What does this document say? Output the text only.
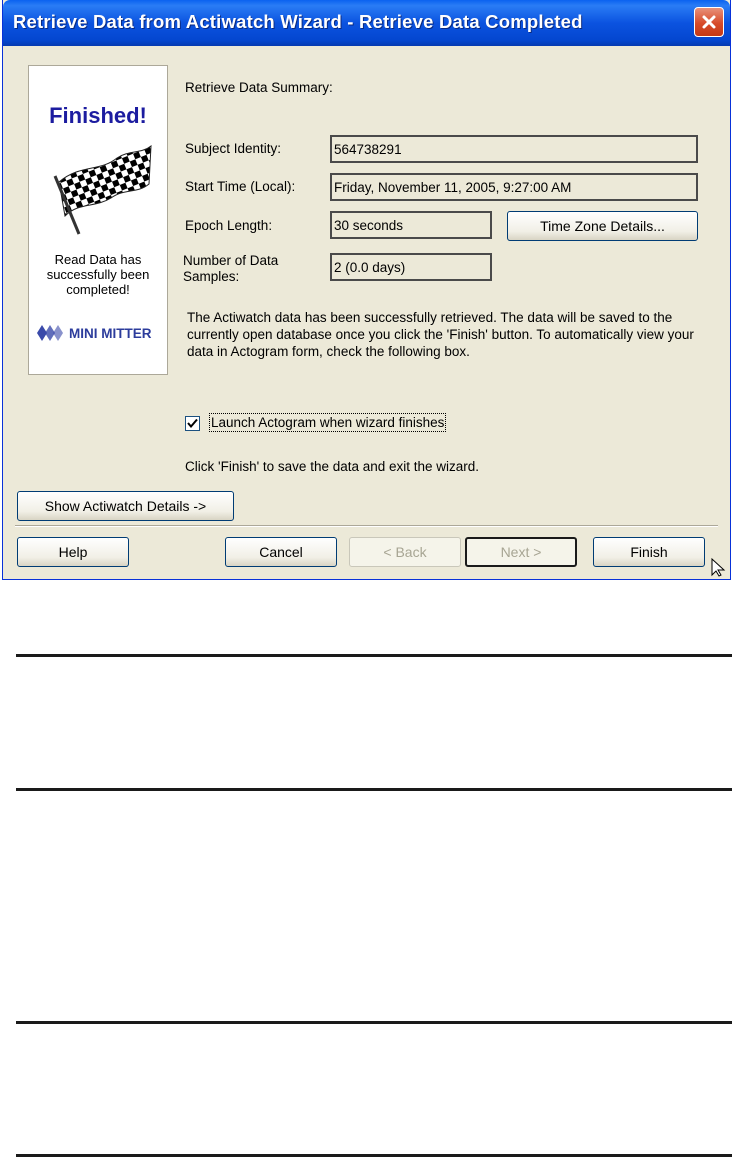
Retrieve Data from Actiwatch Wizard - Retrieve Data Completed
Finished!
Read Data has successfully been completed!
MINI MITTER
Retrieve Data Summary:
Subject Identity:	564738291
Start Time (Local):	Friday, November 11, 2005, 9:27:00 AM
Epoch Length:	30 seconds	Time Zone Details...
Number of Data
Samples:
2 (0.0 days)
The Actiwatch data has been successfully retrieved. The data will be saved to the currently open database once you click the 'Finish' button. To automatically view your data in Actogram form, check the following box.
Launch Actogram when wizard finishes
Click 'Finish' to save the data and exit the wizard.
Show Actiwatch Details ->
Help	Cancel	< Back	Next >	Finish
